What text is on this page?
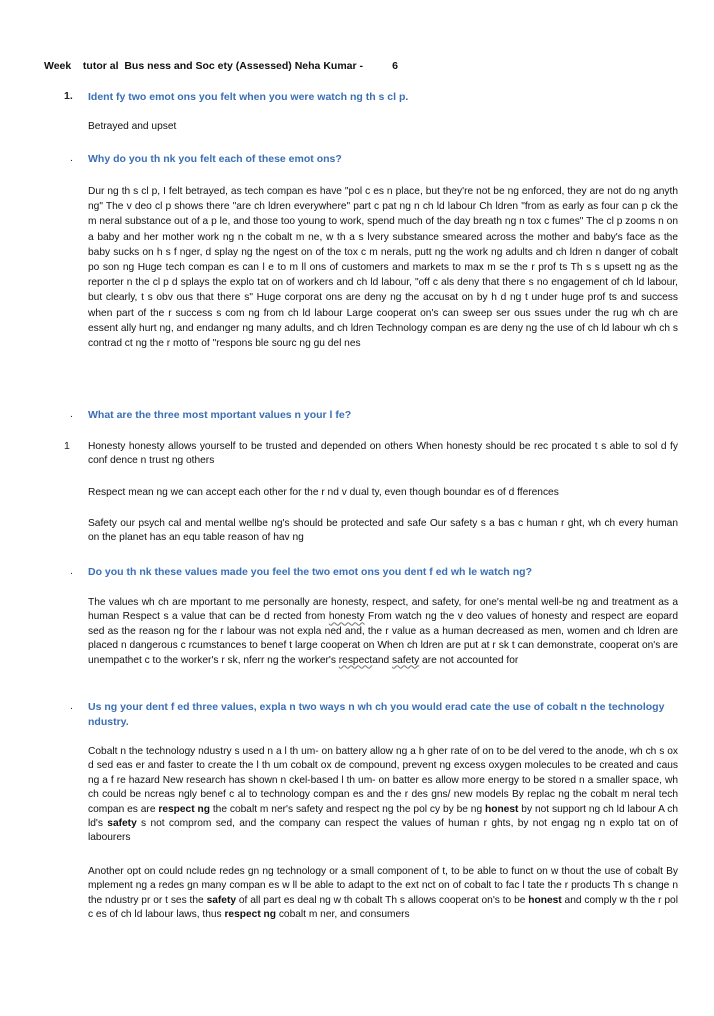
Week    tutor al  Bus ness and Soc ety (Assessed) Neha Kumar -          6
1. Ident fy two emot ons you felt when you were watch ng th s cl p.
Betrayed and upset
. Why do you th nk you felt each of these emot ons?
Dur ng th s cl p, I felt betrayed, as tech compan es have "pol c es n place, but they're not be ng enforced, they are not do ng anyth ng" The v deo cl p shows there "are ch ldren everywhere" part c pat ng n ch ld labour Ch ldren "from as early as four can p ck the m neral substance out of a p le, and those too young to work, spend much of the day breath ng n tox c fumes" The cl p zooms n on a baby and her mother work ng n the cobalt m ne, w th a s lvery substance smeared across the mother and baby's face as the baby sucks on h s f nger, d splay ng the ngest on of the tox c m nerals, putt ng the work ng adults and ch ldren n danger of cobalt po son ng Huge tech compan es can l e to m ll ons of customers and markets to max m se the r prof ts Th s s upsett ng as the reporter n the cl p d splays the explo tat on of workers and ch ld labour, "off c als deny that there s no engagement of ch ld labour, but clearly, t s obv ous that there s" Huge corporat ons are deny ng the accusat on by h d ng t under huge prof ts and success when part of the r success s com ng from ch ld labour Large cooperat on's can sweep ser ous ssues under the rug wh ch are essent ally hurt ng, and endanger ng many adults, and ch ldren Technology compan es are deny ng the use of ch ld labour wh ch s contrad ct ng the r motto of "respons ble sourc ng gu del nes
. What are the three most mportant values n your l fe?
1 Honesty honesty allows yourself to be trusted and depended on others When honesty should be rec procated t s able to sol d fy conf dence n trust ng others
Respect mean ng we can accept each other for the r nd v dual ty, even though boundar es of d fferences
Safety our psych cal and mental wellbe ng's should be protected and safe Our safety s a bas c human r ght, wh ch every human on the planet has an equ table reason of hav ng
. Do you th nk these values made you feel the two emot ons you dent f ed wh le watch ng?
The values wh ch are mportant to me personally are honesty, respect, and safety, for one's mental well-be ng and treatment as a human Respect s a value that can be d rected from honesty From watch ng the v deo values of honesty and respect are eopard sed as the reason ng for the r labour was not expla ned and, the r value as a human decreased as men, women and ch ldren are placed n dangerous c rcumstances to benef t large cooperat on When ch ldren are put at r sk t can demonstrate, cooperat on's are unempathet c to the worker's r sk, nferr ng the worker's respectand safety are not accounted for
. Us ng your dent f ed three values, expla n two ways n wh ch you would erad cate the use of cobalt n the technology ndustry.
Cobalt n the technology ndustry s used n a l th um- on battery allow ng a h gher rate of on to be del vered to the anode, wh ch s ox d sed eas er and faster to create the l th um cobalt ox de compound, prevent ng excess oxygen molecules to be created and caus ng a f re hazard New research has shown n ckel-based l th um- on batter es allow more energy to be stored n a smaller space, wh ch could be ncreas ngly benef c al to technology compan es and the r des gns/ new models By replac ng the cobalt m neral tech compan es are respect ng the cobalt m ner's safety and respect ng the pol cy by be ng honest by not support ng ch ld labour A ch ld's safety s not comprom sed, and the company can respect the values of human r ghts, by not engag ng n explo tat on of labourers
Another opt on could nclude redes gn ng technology or a small component of t, to be able to funct on w thout the use of cobalt By mplement ng a redes gn many compan es w ll be able to adapt to the ext nct on of cobalt to fac l tate the r products Th s change n the ndustry pr or t ses the safety of all part es deal ng w th cobalt Th s allows cooperat on's to be honest and comply w th the r pol c es of ch ld labour laws, thus respect ng cobalt m ner, and consumers
